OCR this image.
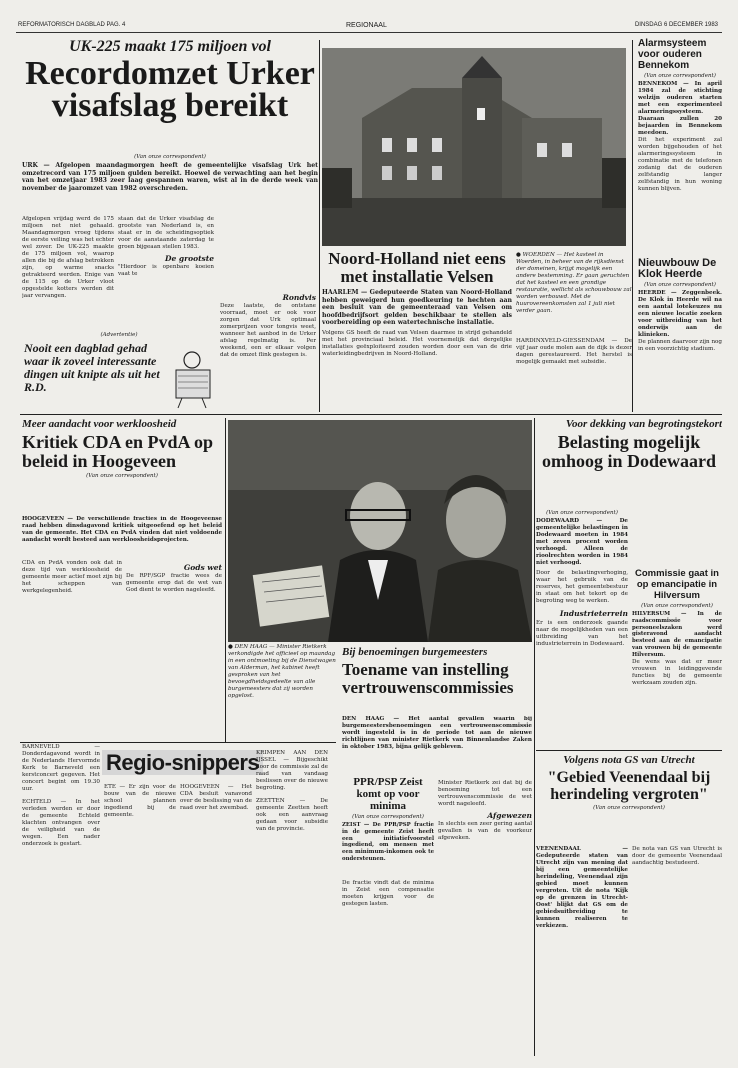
REFORMATORISCH DAGBLAD PAG. 4	REGIONAAL	DINSDAG 6 DECEMBER 1983
UK-225 maakt 175 miljoen vol
Recordomzet Urker visafslag bereikt
(Van onze correspondent)
URK — Afgelopen maandagmorgen heeft de gemeentelijke visafslag Urk het omzetrecord van 175 miljoen gulden bereikt. Hoewel de verwachting aan het begin van het omzetjaar 1983 zeer laag gespannen waren, wist al in de derde week van november de jaaromzet van 1982 overschreden.
Afgelopen vrijdag werd de 175 miljoen net niet gehaald. Maandagmorgen vroeg tijdens de eerste veiling was het echter wel zover. De UK-225 maakte de 175 miljoen vol, waarop allen die bij de afslag betrokken zijn, op warme snacks getrakteerd werden. Enige van de 115 op de Urker vloot opgestelde kotters werden dit jaar vervangen.
staan dat de Urker visafslag de grootste van Nederland is, en staat er in de scheidingsoptiek voor de aanstaande zaterdag te groen bijgeaan stellen 1983.
De grootste
"Hierdoor is openbare koeien vaat te
Rondvis
Deze laatste, de ontstane voorraad, moet er ook voor zorgen dat Urk optimaal zomerprijzen voor tongvis weet, wanneer het aanbod in de Urker afslag regelmatig is. Per weekend, een er elkaar volgen dat de omzet flink gestegen is.
(Advertentie)
Nooit een dagblad gehad waar ik zoveel interessante dingen uit knipte als uit het R.D.
Alarmsysteem voor ouderen Bennekom
(Van onze correspondent)
BENNEKOM — In april 1984 zal de stichting welzijn ouderen starten met een experimenteel alarmeringssysteem. Daaraan zullen 20 bejaarden in Bennekom meedoen.
Dit het experiment zal worden bijgehouden of het alarmeringssysteem in combinatie met de telefonen zodanig dat de ouderen zelfstandig langer zelfstandig in hun woning kunnen blijven.
Nieuwbouw De Klok Heerde
(Van onze correspondent)
HEERDE — Zeggenbeek. De Klok in Heerde wil na een aantal lotekeuzes nu een nieuwe locatie zoeken voor uitbreiding van het onderwijs aan de klinieken.
De plannen daarvoor zijn nog in een voorzichtig stadium.
● WOERDEN — Het kasteel in Woerden, in beheer van de rijksdienst der domeinen, krijgt mogelijk een andere bestemming. Er gaan geruchten dat het kasteel en een grondige restauratie, wellicht als schouwbouw zal worden verbouwd. Met de huurovereenkomsten zal 1 juli niet verder gaan.
HARDINXVELD-GIESSENDAM — De vijf jaar oude molen aan de dijk is dezer dagen gerestaureerd. Het herstel is mogelijk gemaakt met subsidie.
Noord-Holland niet eens met installatie Velsen
HAARLEM — Gedeputeerde Staten van Noord-Holland hebben geweigerd hun goedkeuring te hechten aan een besluit van de gemeenteraad van Velsen om hoofdbedrijfsort gelden beschikbaar te stellen als voorbereiding op een watertechnische installatie.
Volgens GS heeft de raad van Velsen daarmee in strijd gehandeld met het provinciaal beleid. Het voornemelijk dat dergelijke installaties geëxploiteerd zouden worden door een van de drie waterleidingbedrijven in Noord-Holland.
Meer aandacht voor werkloosheid
Kritiek CDA en PvdA op beleid in Hoogeveen
(Van onze correspondent)
HOOGEVEEN — De verschillende fracties in de Hoogeveense raad hebben dinsdagavond kritiek uitgeoefend op het beleid van de gemeente. Het CDA en PvdA vinden dat niet voldoende aandacht wordt besteed aan werkloosheidsprojecten.
CDA en PvdA vonden ook dat in deze tijd van werkloosheid de gemeente meer actief moet zijn bij het scheppen van werkgelegenheid.
Gods wet
De RPF/SGP fractie wees de gemeente erop dat de wet van God dient te worden nageleefd.
● DEN HAAG — Minister Rietkerk verkondigde het officieel op maandag in een ontmoeting bij de Dienstwagen van Alderman, het kabinet heeft gesproken van het bevoegdheidsgedeelte van alle burgemeesters dat zij worden opgelost.
Regio-snippers
BARNEVELD — Donderdagavond wordt in de Nederlands Hervormde Kerk te Barneveld een kerstconcert gegeven. Het concert begint om 19.30 uur.
ECHTELD — In het verleden werden er door de gemeente Echteld klachten ontvangen over de veiligheid van de wegen. Een nader onderzoek is gestart.
ETE — Er zijn voor de bouw van de nieuwe school plannen ingediend bij de gemeente.
HOOGEVEEN — Het CDA besluit vanavond over de beslissing van de raad over het zwembad.
KRIMPEN AAN DEN IJSSEL — Bijgeschikt door de commissie zal de raad van vandaag beslissen over de nieuwe begroting.
ZEETTEN — De gemeente Zeetten heeft ook een aanvraag gedaan voor subsidie van de provincie.
Bij benoemingen burgemeesters
Toename van instelling vertrouwenscommissies
DEN HAAG — Het aantal gevallen waarin bij burgemeestersbenoemingen een vertrouwenscommissie wordt ingesteld is in de periode tot aan de nieuwe richtlijnen van minister Rietkerk van Binnenlandse Zaken in oktober 1983, bijna gelijk gebleven.
PPR/PSP Zeist komt op voor minima
(Van onze correspondent)
ZEIST — De PPR/PSP fractie in de gemeente Zeist heeft een initiatiefvoorstel ingediend, om mensen met een minimum-inkomen ook te ondersteunen.
De fractie vindt dat de minima in Zeist een compensatie moeten krijgen voor de gestegen lasten.
Minister Rietkerk zei dat bij de benoeming tot een vertrouwenscommissie de wet wordt nageleefd.
Afgewezen
In slechts een zeer gering aantal gevallen is van de voorkeur afgeweken.
Voor dekking van begrotingstekort
Belasting mogelijk omhoog in Dodewaard
(Van onze correspondent)
DODEWAARD — De gemeentelijke belastingen in Dodewaard moeten in 1984 met zeven procent worden verhoogd. Alleen de rioolrechten worden in 1984 niet verhoogd.
Door de belastingverhoging, waar het gebruik van de reserves, het gemeentebestuur in staat om het tekort op de begroting weg te werken.
Industrieterrein
Er is een onderzoek gaande naar de mogelijkheden van een uitbreiding van het industrieterrein in Dodewaard.
Commissie gaat in op emancipatie in Hilversum
(Van onze correspondent)
HILVERSUM — In de raadscommissie voor personeelszaken werd gisteravond aandacht besteed aan de emancipatie van vrouwen bij de gemeente Hilversum.
De wens was dat er meer vrouwen in leidinggevende functies bij de gemeente werkzaam zouden zijn.
Volgens nota GS van Utrecht
"Gebied Veenendaal bij herindeling vergroten"
(Van onze correspondent)
VEENENDAAL — Gedeputeerde staten van Utrecht zijn van mening dat bij een gemeentelijke herindeling, Veenendaal zijn gebied moet kunnen vergroten. Uit de nota 'Kijk op de grenzen in Utrecht-Oost' blijkt dat GS om de gebiedsuitbreiding te kunnen realiseren te verkiezen.
De nota van GS van Utrecht is door de gemeente Veenendaal aandachtig bestudeerd.
